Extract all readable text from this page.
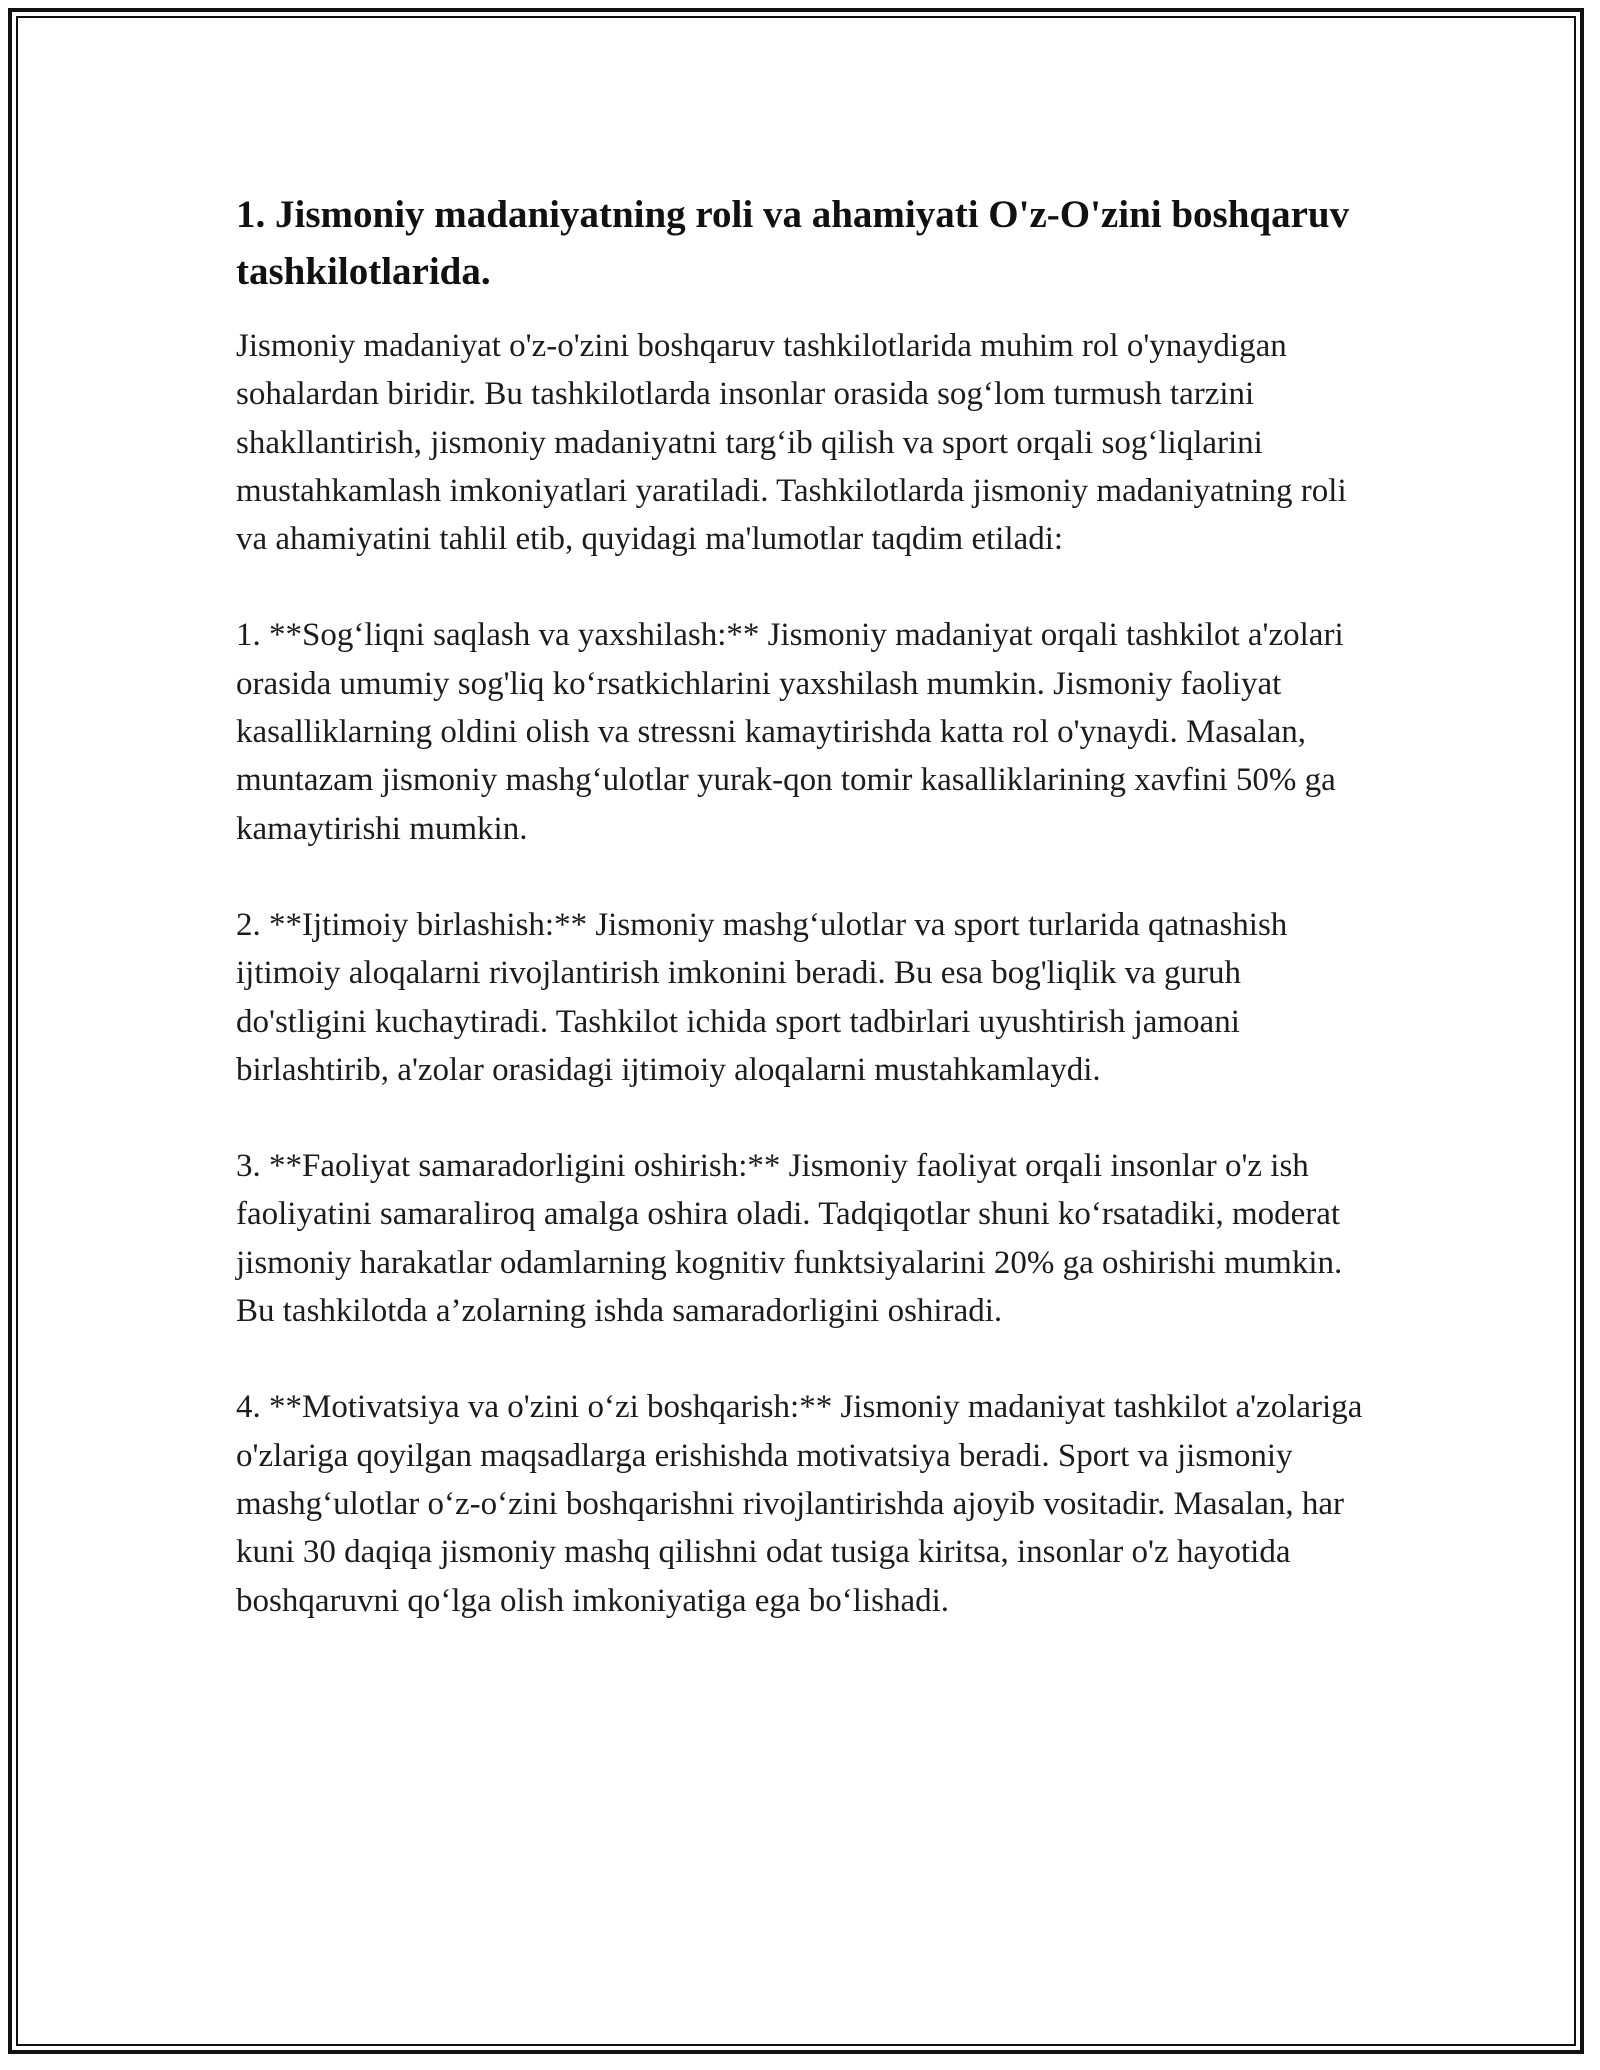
1. Jismoniy madaniyatning roli va ahamiyati O'z-O'zini boshqaruv tashkilotlarida.

Jismoniy madaniyat o'z-o'zini boshqaruv tashkilotlarida muhim rol o'ynaydigan sohalardan biridir. Bu tashkilotlarda insonlar orasida sog‘lom turmush tarzini shakllantirish, jismoniy madaniyatni targ‘ib qilish va sport orqali sog‘liqlarini mustahkamlash imkoniyatlari yaratiladi. Tashkilotlarda jismoniy madaniyatning roli va ahamiyatini tahlil etib, quyidagi ma'lumotlar taqdim etiladi:

1. **Sog‘liqni saqlash va yaxshilash:** Jismoniy madaniyat orqali tashkilot a'zolari orasida umumiy sog'liq ko‘rsatkichlarini yaxshilash mumkin. Jismoniy faoliyat kasalliklarning oldini olish va stressni kamaytirishda katta rol o'ynaydi. Masalan, muntazam jismoniy mashg‘ulotlar yurak-qon tomir kasalliklarining xavfini 50% ga kamaytirishi mumkin.

2. **Ijtimoiy birlashish:** Jismoniy mashg‘ulotlar va sport turlarida qatnashish ijtimoiy aloqalarni rivojlantirish imkonini beradi. Bu esa bog'liqlik va guruh do'stligini kuchaytiradi. Tashkilot ichida sport tadbirlari uyushtirish jamoani birlashtirib, a'zolar orasidagi ijtimoiy aloqalarni mustahkamlaydi.

3. **Faoliyat samaradorligini oshirish:** Jismoniy faoliyat orqali insonlar o'z ish faoliyatini samaraliroq amalga oshira oladi. Tadqiqotlar shuni ko‘rsatadiki, moderat jismoniy harakatlar odamlarning kognitiv funktsiyalarini 20% ga oshirishi mumkin. Bu tashkilotda a’zolarning ishda samaradorligini oshiradi.

4. **Motivatsiya va o'zini o‘zi boshqarish:** Jismoniy madaniyat tashkilot a'zolariga o'zlariga qoyilgan maqsadlarga erishishda motivatsiya beradi. Sport va jismoniy mashg‘ulotlar o‘z-o‘zini boshqarishni rivojlantirishda ajoyib vositadir. Masalan, har kuni 30 daqiqa jismoniy mashq qilishni odat tusiga kiritsa, insonlar o'z hayotida boshqaruvni qo‘lga olish imkoniyatiga ega bo‘lishadi.
